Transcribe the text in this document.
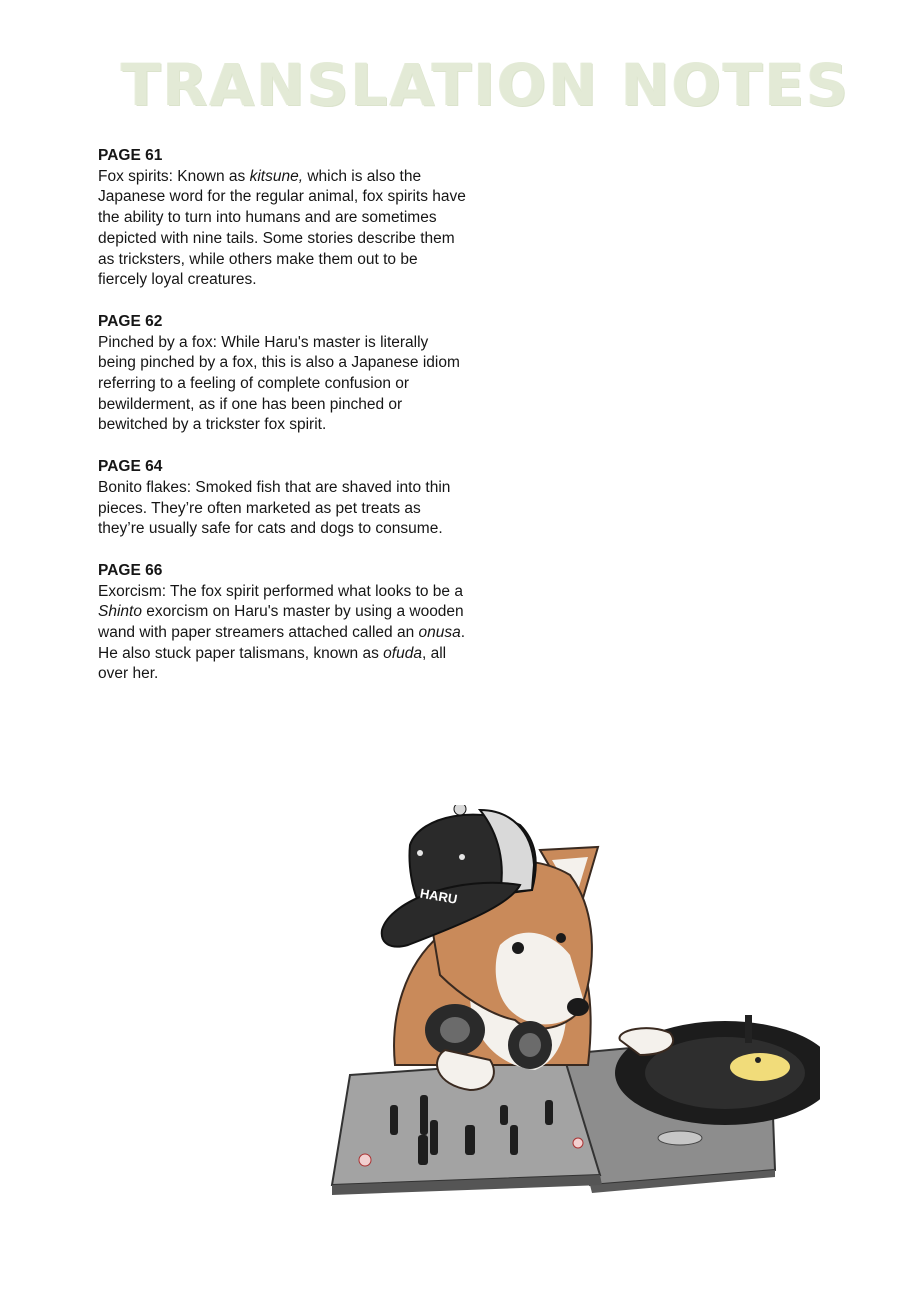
TRANSLATION NOTES
PAGE 61
Fox spirits: Known as kitsune, which is also the Japanese word for the regular animal, fox spirits have the ability to turn into humans and are sometimes depicted with nine tails. Some stories describe them as tricksters, while others make them out to be fiercely loyal creatures.
PAGE 62
Pinched by a fox: While Haru's master is literally being pinched by a fox, this is also a Japanese idiom referring to a feeling of complete confusion or bewilderment, as if one has been pinched or bewitched by a trickster fox spirit.
PAGE 64
Bonito flakes: Smoked fish that are shaved into thin pieces. They’re often marketed as pet treats as they’re usually safe for cats and dogs to consume.
PAGE 66
Exorcism: The fox spirit performed what looks to be a Shinto exorcism on Haru's master by using a wooden wand with paper streamers attached called an onusa. He also stuck paper talismans, known as ofuda, all over her.
HARU
